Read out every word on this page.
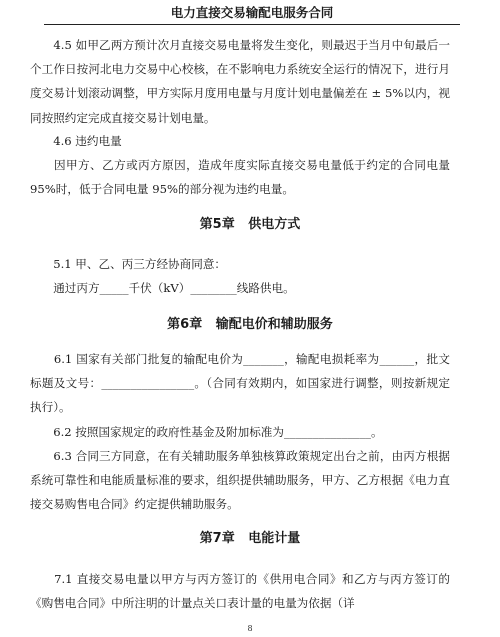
电力直接交易输配电服务合同
　　4.5 如甲乙两方预计次月直接交易电量将发生变化，则最迟于当月中旬最后一个工作日按河北电力交易中心校核，在不影响电力系统安全运行的情况下，进行月度交易计划滚动调整，甲方实际月度用电量与月度计划电量偏差在 ± 5%以内，视同按照约定完成直接交易计划电量。
　　4.6 违约电量
　　因甲方、乙方或丙方原因，造成年度实际直接交易电量低于约定的合同电量 95%时，低于合同电量 95%的部分视为违约电量。
第5章 供电方式
　　5.1 甲、乙、丙三方经协商同意：
　　通过丙方_____千伏（kV）________线路供电。
第6章 输配电价和辅助服务
　　6.1 国家有关部门批复的输配电价为_______，输配电损耗率为______，批文标题及文号：________________。（合同有效期内，如国家进行调整，则按新规定执行）。
　　6.2 按照国家规定的政府性基金及附加标准为_______________。
　　6.3 合同三方同意，在有关辅助服务单独核算政策规定出台之前，由丙方根据系统可靠性和电能质量标准的要求，组织提供辅助服务，甲方、乙方根据《电力直接交易购售电合同》约定提供辅助服务。
第7章 电能计量
　　7.1 直接交易电量以甲方与丙方签订的《供用电合同》和乙方与丙方签订的《购售电合同》中所注明的计量点关口表计量的电量为依据（详
8
